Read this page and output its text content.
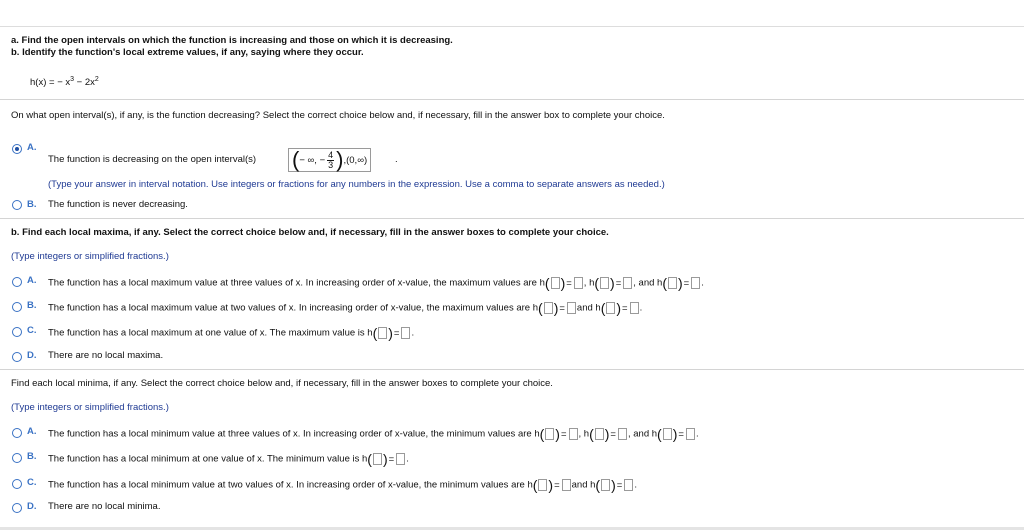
a. Find the open intervals on which the function is increasing and those on which it is decreasing.
b. Identify the function's local extreme values, if any, saying where they occur.
h(x) = − $x^3 - 2x^2$
On what open interval(s), if any, is the function decreasing? Select the correct choice below and, if necessary, fill in the answer box to complete your choice.
A.
The function is decreasing on the open interval(s) ( − ∞, − $\frac{4}{3}$ ) ,(0,∞)	.
(Type your answer in interval notation. Use integers or fractions for any numbers in the expression. Use a comma to separate answers as needed.)
B. The function is never decreasing.
b. Find each local maxima, if any. Select the correct choice below and, if necessary, fill in the answer boxes to complete your choice.
(Type integers or simplified fractions.)
A. The function has a local maximum value at three values of x. In increasing order of x-value, the maximum values are h( )= , h( )= , and h( )= .
B. The function has a local maximum value at two values of x. In increasing order of x-value, the maximum values are h( )= and h( )= .
C. The function has a local maximum at one value of x. The maximum value is h( )= .
D. There are no local maxima.
Find each local minima, if any. Select the correct choice below and, if necessary, fill in the answer boxes to complete your choice.
(Type integers or simplified fractions.)
A. The function has a local minimum value at three values of x. In increasing order of x-value, the minimum values are h( )= , h( )= , and h( )= .
B. The function has a local minimum at one value of x. The minimum value is h( )= .
C. The function has a local minimum value at two values of x. In increasing order of x-value, the minimum values are h( )= and h( )= .
D. There are no local minima.
